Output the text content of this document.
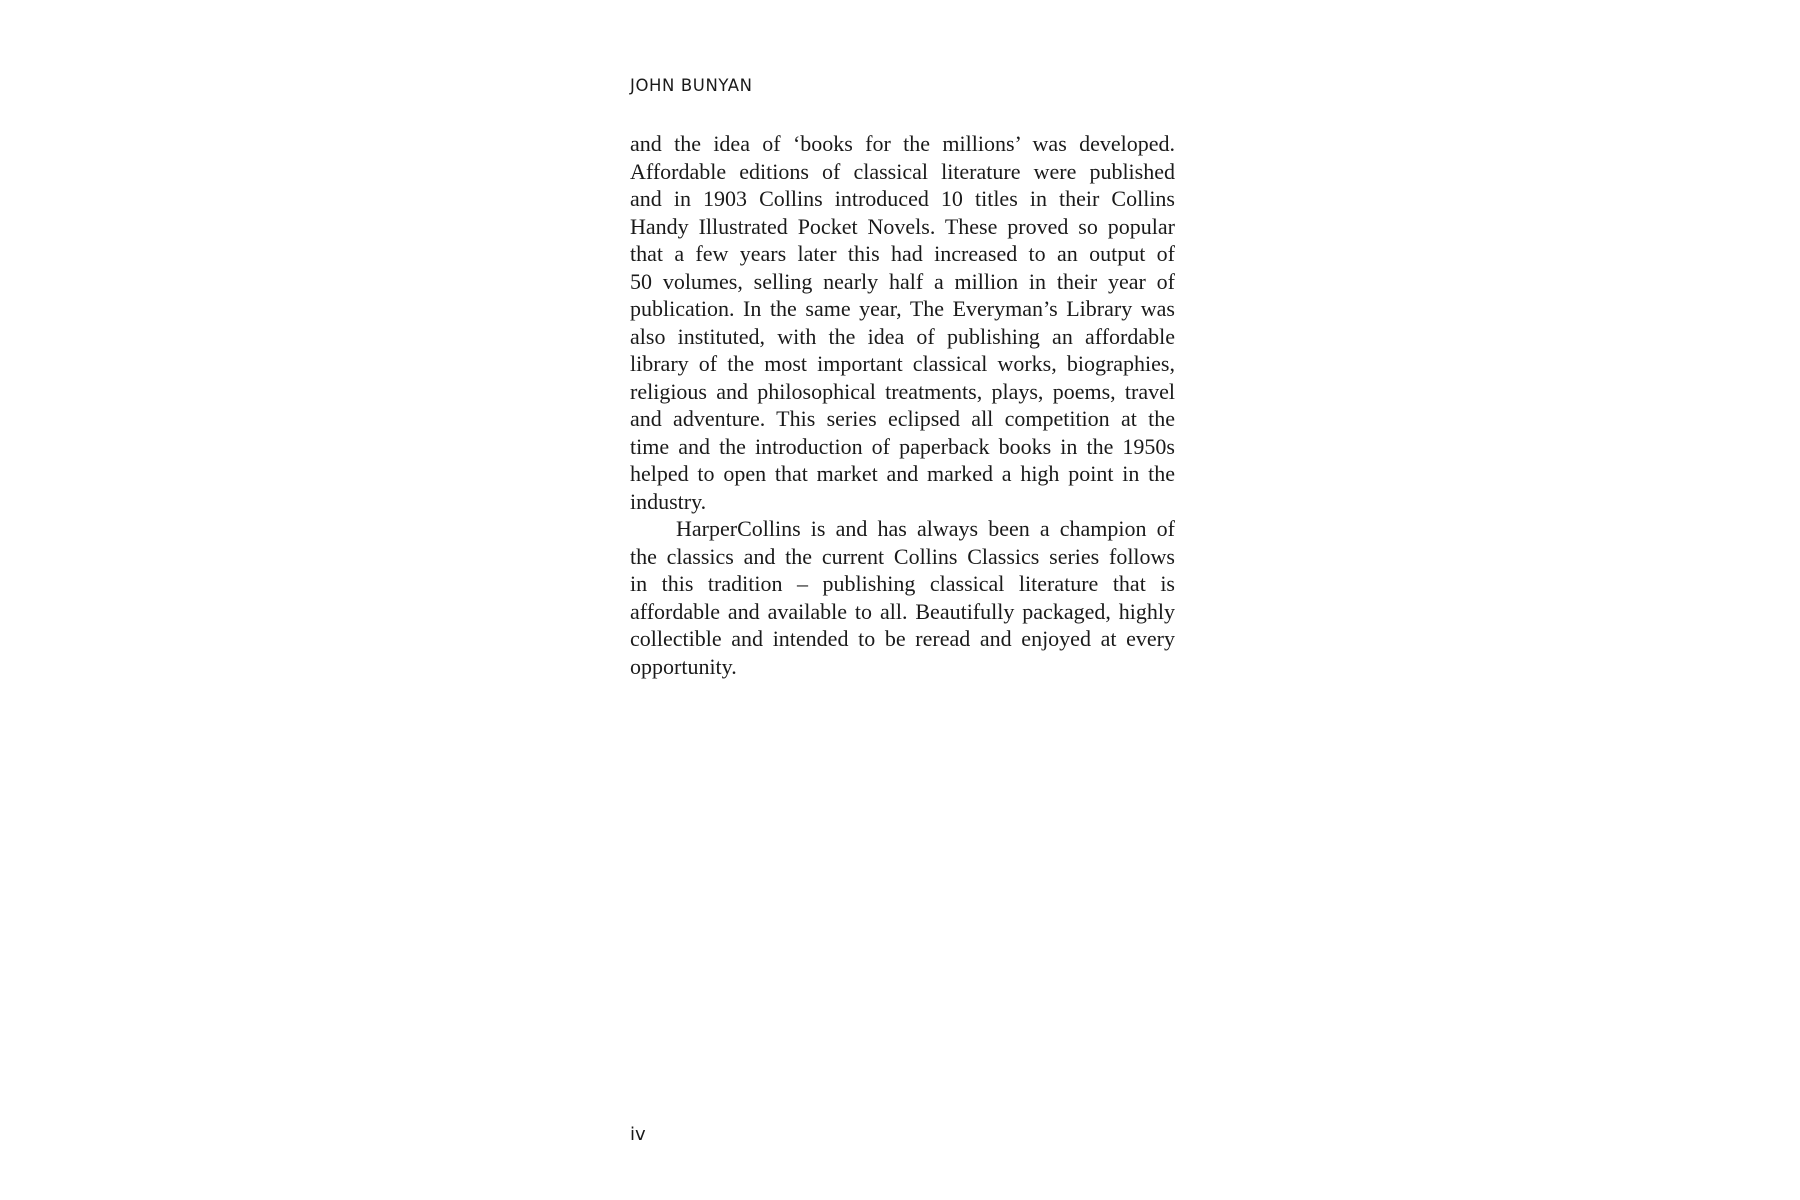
JOHN BUNYAN

and the idea of ‘books for the millions’ was developed.
Affordable editions of classical literature were published
and in 1903 Collins introduced 10 titles in their Collins
Handy Illustrated Pocket Novels. These proved so popular
that a few years later this had increased to an output of
50 volumes, selling nearly half a million in their year of
publication. In the same year, The Everyman’s Library was
also instituted, with the idea of publishing an affordable
library of the most important classical works, biographies,
religious and philosophical treatments, plays, poems, travel
and adventure. This series eclipsed all competition at the
time and the introduction of paperback books in the 1950s
helped to open that market and marked a high point in the
industry.

HarperCollins is and has always been a champion of
the classics and the current Collins Classics series follows
in this tradition – publishing classical literature that is
affordable and available to all. Beautifully packaged, highly
collectible and intended to be reread and enjoyed at every
opportunity.

iv
